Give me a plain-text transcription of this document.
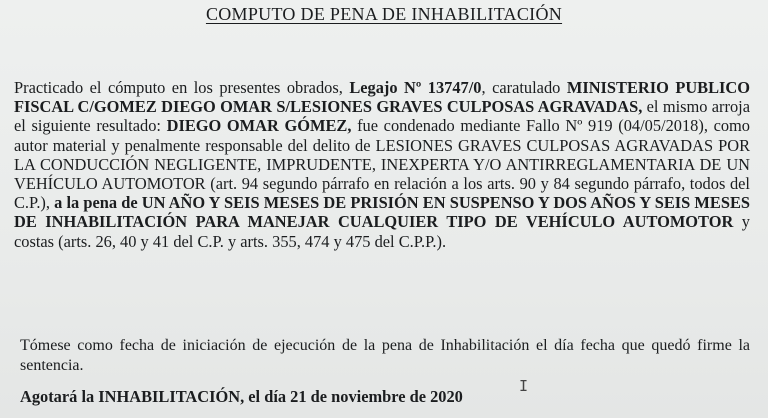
COMPUTO DE PENA DE INHABILITACIÓN

Practicado el cómputo en los presentes obrados, Legajo Nº 13747/0, caratulado MINISTERIO PUBLICO FISCAL C/GOMEZ DIEGO OMAR S/LESIONES GRAVES CULPOSAS AGRAVADAS, el mismo arroja el siguiente resultado: DIEGO OMAR GÓMEZ, fue condenado mediante Fallo Nº 919 (04/05/2018), como autor material y penalmente responsable del delito de LESIONES GRAVES CULPOSAS AGRAVADAS POR LA CONDUCCIÓN NEGLIGENTE, IMPRUDENTE, INEXPERTA Y/O ANTIRREGLAMENTARIA DE UN VEHÍCULO AUTOMOTOR (art. 94 segundo párrafo en relación a los arts. 90 y 84 segundo párrafo, todos del C.P.), a la pena de UN AÑO Y SEIS MESES DE PRISIÓN EN SUSPENSO Y DOS AÑOS Y SEIS MESES DE INHABILITACIÓN PARA MANEJAR CUALQUIER TIPO DE VEHÍCULO AUTOMOTOR y costas (arts. 26, 40 y 41 del C.P. y arts. 355, 474 y 475 del C.P.P.).

Tómese como fecha de iniciación de ejecución de la pena de Inhabilitación el día fecha que quedó firme la sentencia.

Agotará la INHABILITACIÓN, el día 21 de noviembre de 2020

I
